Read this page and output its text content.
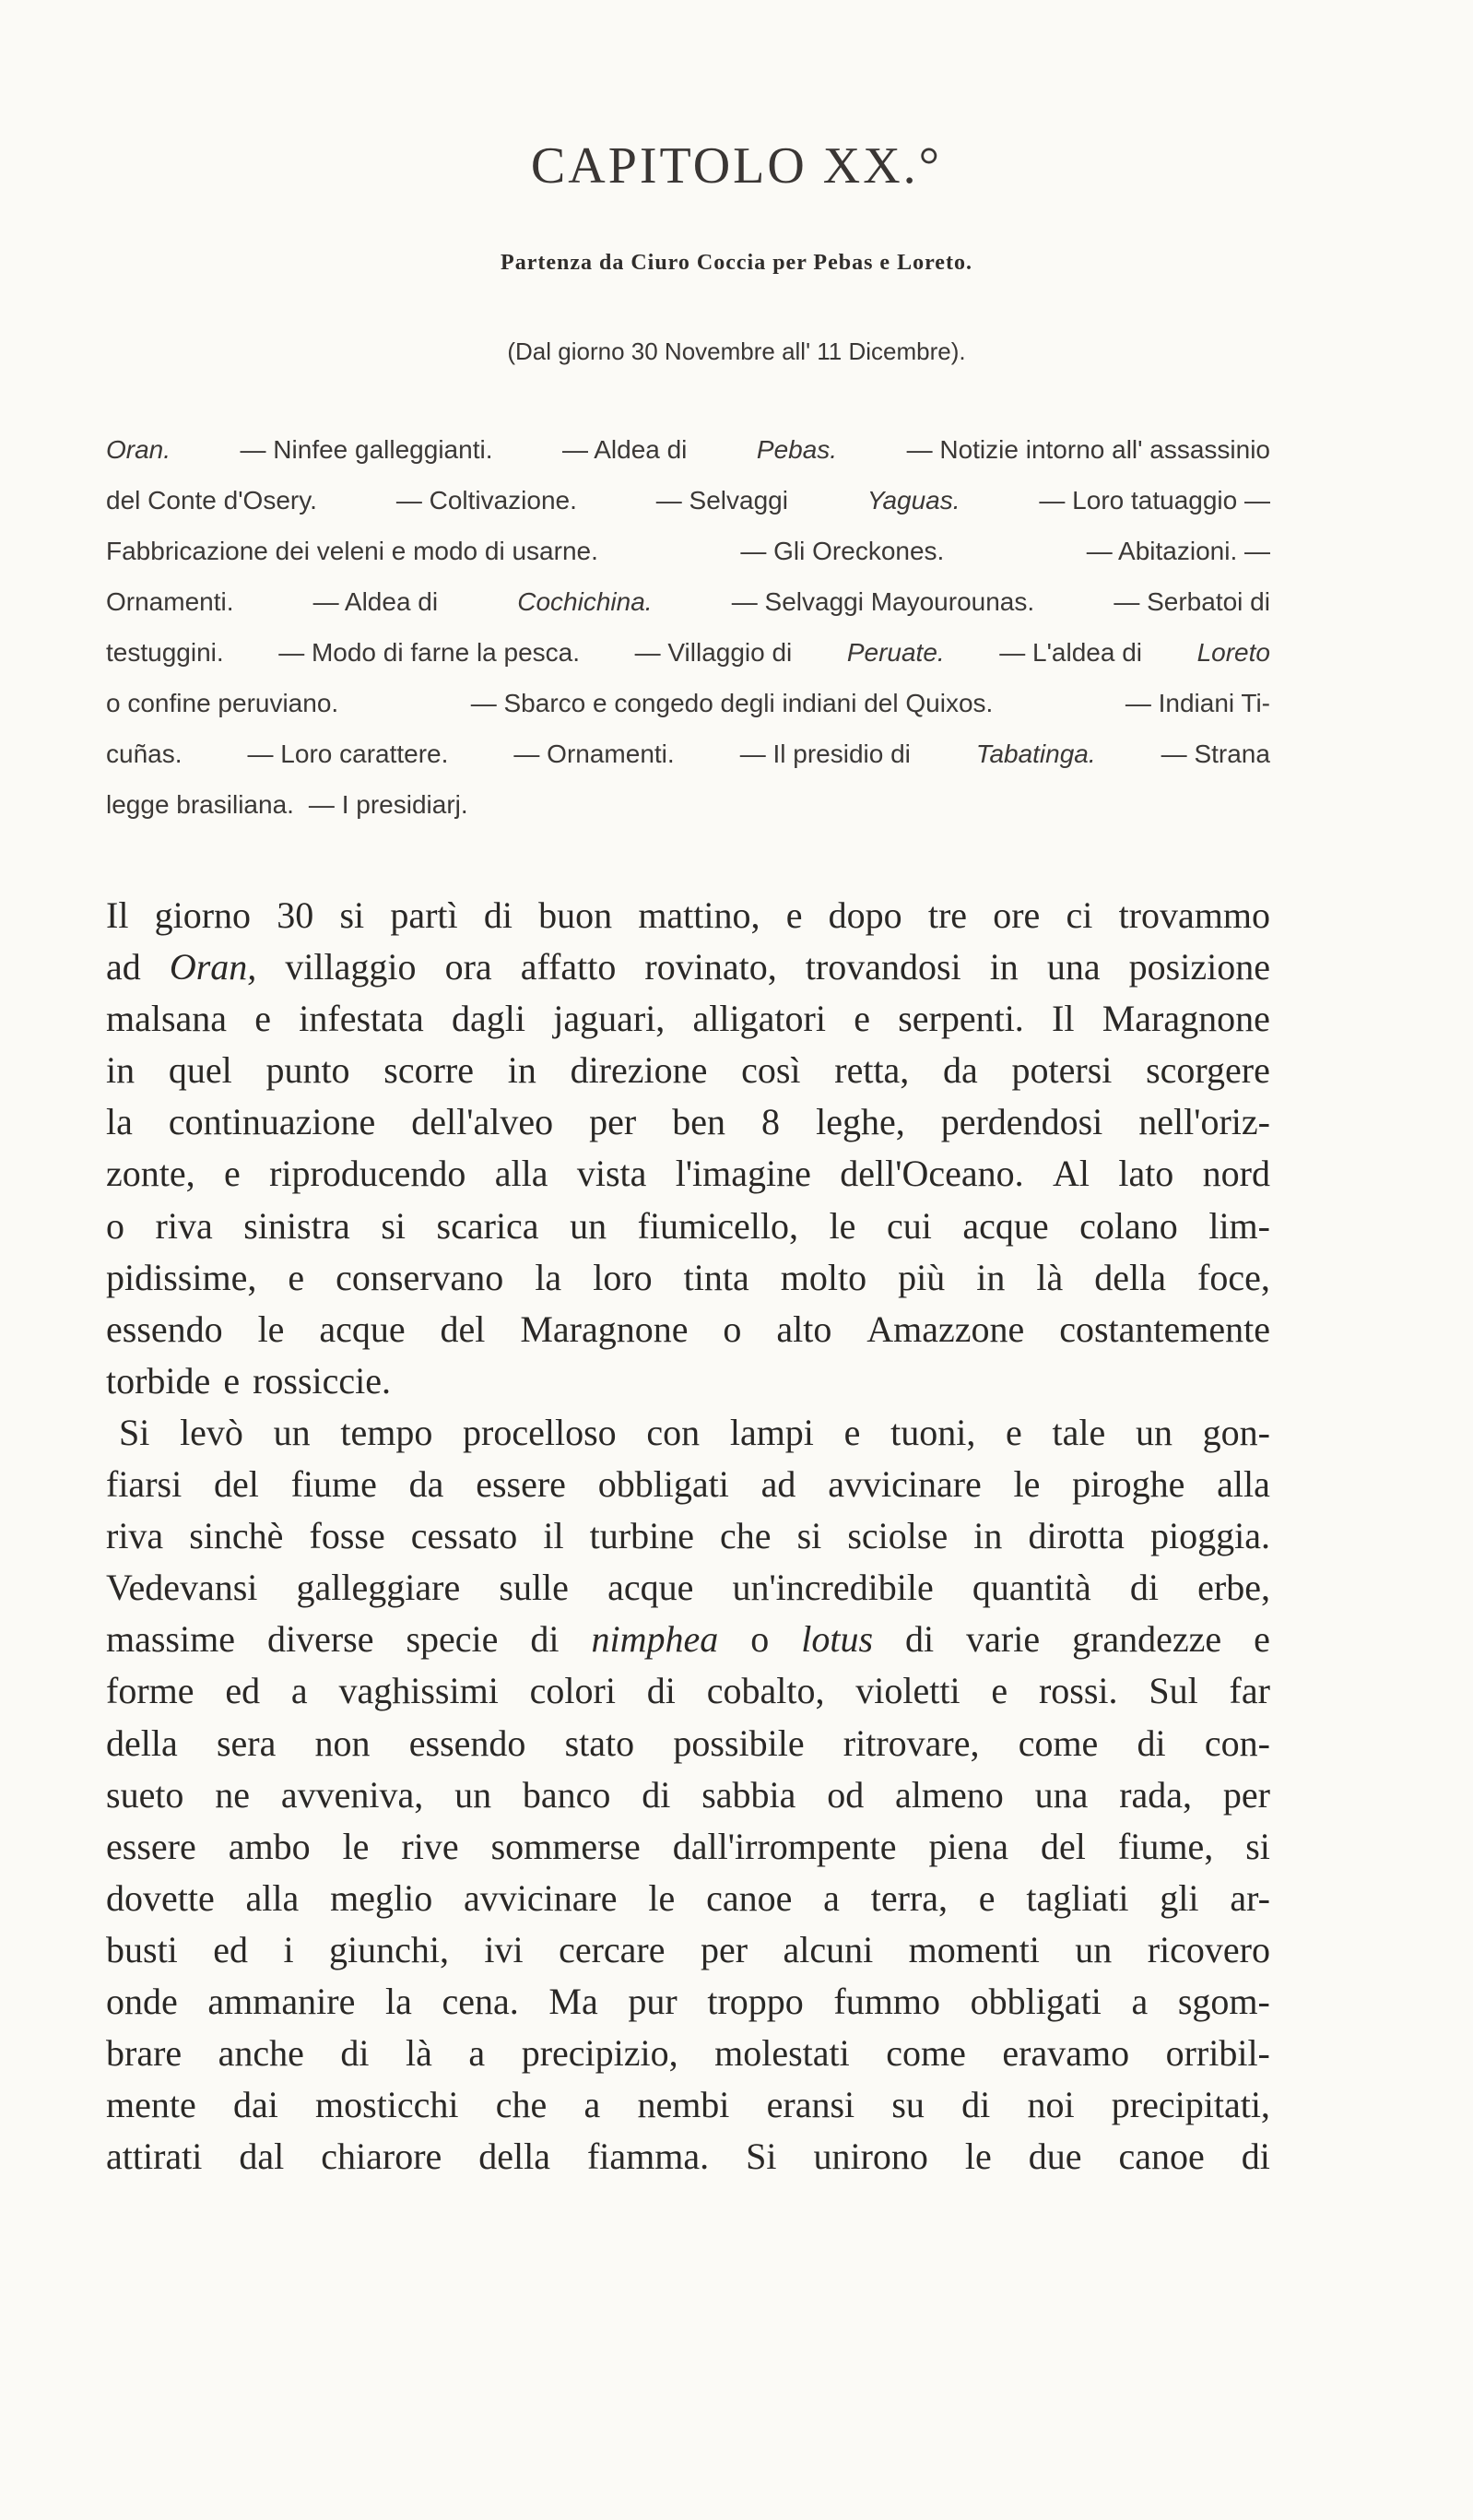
CAPITOLO XX.°
Partenza da Ciuro Coccia per Pebas e Loreto.
(Dal giorno 30 Novembre all' 11 Dicembre).
Oran.	— Ninfee galleggianti.	— Aldea di	Pebas.	— Notizie intorno all' assassinio
del Conte d'Osery.	— Coltivazione.	— Selvaggi	Yaguas.	— Loro tatuaggio —
Fabbricazione dei veleni e modo di usarne.	— Gli Oreckones.	— Abitazioni. —
Ornamenti.	— Aldea di	Cochichina.	— Selvaggi Mayourounas.	— Serbatoi di
testuggini. — Modo di farne la pesca. — Villaggio di Peruate. — L'aldea di Loreto
o confine peruviano.	— Sbarco e congedo degli indiani del Quixos.	— Indiani Ti-
cuñas.	— Loro carattere.	— Ornamenti.	— Il presidio di	Tabatinga.	— Strana
legge brasiliana. — I presidiarj.
Il giorno 30 si partì di buon mattino, e dopo tre ore ci trovammo
ad Oran, villaggio ora affatto rovinato, trovandosi in una posizione
malsana e infestata dagli jaguari, alligatori e serpenti. Il Maragnone
in quel punto scorre in direzione così retta, da potersi scorgere
la continuazione dell'alveo per ben 8 leghe, perdendosi nell'oriz-
zonte, e riproducendo alla vista l'imagine dell'Oceano. Al lato nord
o riva sinistra si scarica un fiumicello, le cui acque colano lim-
pidissime, e conservano la loro tinta molto più in là della foce,
essendo le acque del Maragnone o alto Amazzone costantemente
torbide e rossiccie.
Si levò un tempo procelloso con lampi e tuoni, e tale un gon-
fiarsi del fiume da essere obbligati ad avvicinare le piroghe alla
riva sinchè fosse cessato il turbine che si sciolse in dirotta pioggia.
Vedevansi galleggiare sulle acque un'incredibile quantità di erbe,
massime diverse specie di nimphea o lotus di varie grandezze e
forme ed a vaghissimi colori di cobalto, violetti e rossi. Sul far
della sera non essendo stato possibile ritrovare, come di con-
sueto ne avveniva, un banco di sabbia od almeno una rada, per
essere ambo le rive sommerse dall'irrompente piena del fiume, si
dovette alla meglio avvicinare le canoe a terra, e tagliati gli ar-
busti ed i giunchi, ivi cercare per alcuni momenti un ricovero
onde ammanire la cena. Ma pur troppo fummo obbligati a sgom-
brare anche di là a precipizio, molestati come eravamo orribil-
mente dai mosticchi che a nembi eransi su di noi precipitati,
attirati dal chiarore della fiamma. Si unirono le due canoe di
